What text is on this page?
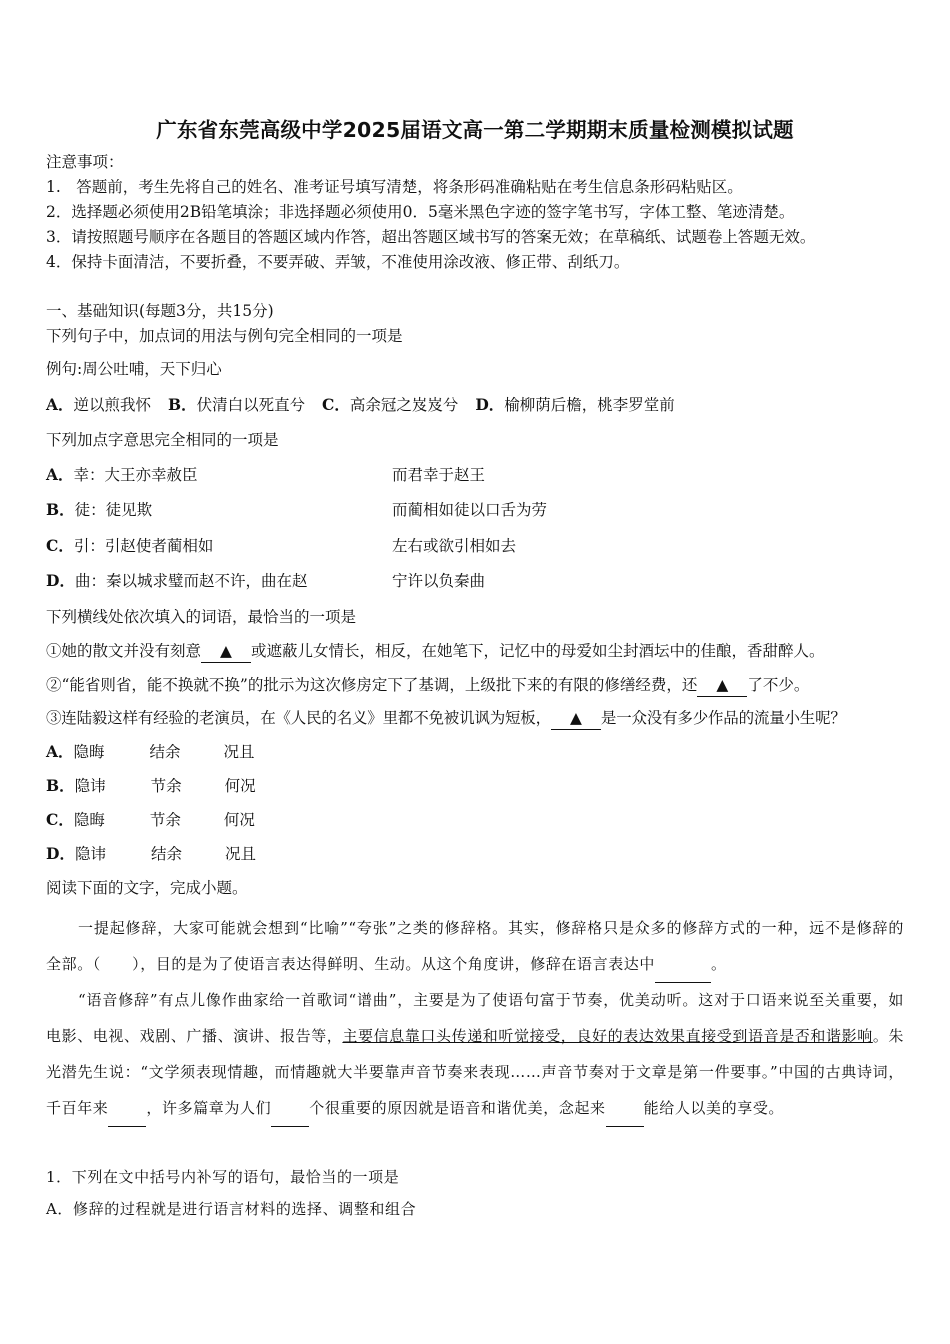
广东省东莞高级中学2025届语文高一第二学期期末质量检测模拟试题
注意事项：
1.　答题前，考生先将自己的姓名、准考证号填写清楚，将条形码准确粘贴在考生信息条形码粘贴区。
2．选择题必须使用2B铅笔填涂；非选择题必须使用0．5毫米黑色字迹的签字笔书写，字体工整、笔迹清楚。
3．请按照题号顺序在各题目的答题区域内作答，超出答题区域书写的答案无效；在草稿纸、试题卷上答题无效。
4．保持卡面清洁，不要折叠，不要弄破、弄皱，不准使用涂改液、修正带、刮纸刀。
一、基础知识(每题3分，共15分)
下列句子中，加点词的用法与例句完全相同的一项是
例句:周公吐哺，天下归心
A．逆以煎我怀 B．伏清白以死直兮 C．高余冠之岌岌兮 D．榆柳荫后檐，桃李罗堂前
下列加点字意思完全相同的一项是
A．幸：大王亦幸赦臣	而君幸于赵王
B．徒：徒见欺	而蔺相如徒以口舌为劳
C．引：引赵使者蔺相如	左右或欲引相如去
D．曲：秦以城求璧而赵不许，曲在赵	宁许以负秦曲
下列横线处依次填入的词语，最恰当的一项是
①她的散文并没有刻意 ▲ 或遮蔽儿女情长，相反，在她笔下，记忆中的母爱如尘封酒坛中的佳酿，香甜醉人。
②“能省则省，能不换就不换”的批示为这次修房定下了基调，上级批下来的有限的修缮经费，还 ▲ 了不少。
③连陆毅这样有经验的老演员，在《人民的名义》里都不免被讥讽为短板， ▲ 是一众没有多少作品的流量小生呢？
A．隐晦	结余	况且
B．隐讳	节余	何况
C．隐晦	节余	何况
D．隐讳	结余	况且
阅读下面的文字，完成小题。
一提起修辞，大家可能就会想到“比喻”“夸张”之类的修辞格。其实，修辞格只是众多的修辞方式的一种，远不是修辞的全部。（　　），目的是为了使语言表达得鲜明、生动。从这个角度讲，修辞在语言表达中	。
“语音修辞”有点儿像作曲家给一首歌词“谱曲”，主要是为了使语句富于节奏，优美动听。这对于口语来说至关重要，如电影、电视、戏剧、广播、演讲、报告等，主要信息靠口头传递和听觉接受，良好的表达效果直接受到语音是否和谐影响。朱光潜先生说：“文学须表现情趣，而情趣就大半要靠声音节奏来表现……声音节奏对于文章是第一件要事。”中国的古典诗词，千百年来	，许多篇章为人们	个很重要的原因就是语音和谐优美，念起来	能给人以美的享受。
1．下列在文中括号内补写的语句，最恰当的一项是
A．修辞的过程就是进行语言材料的选择、调整和组合
